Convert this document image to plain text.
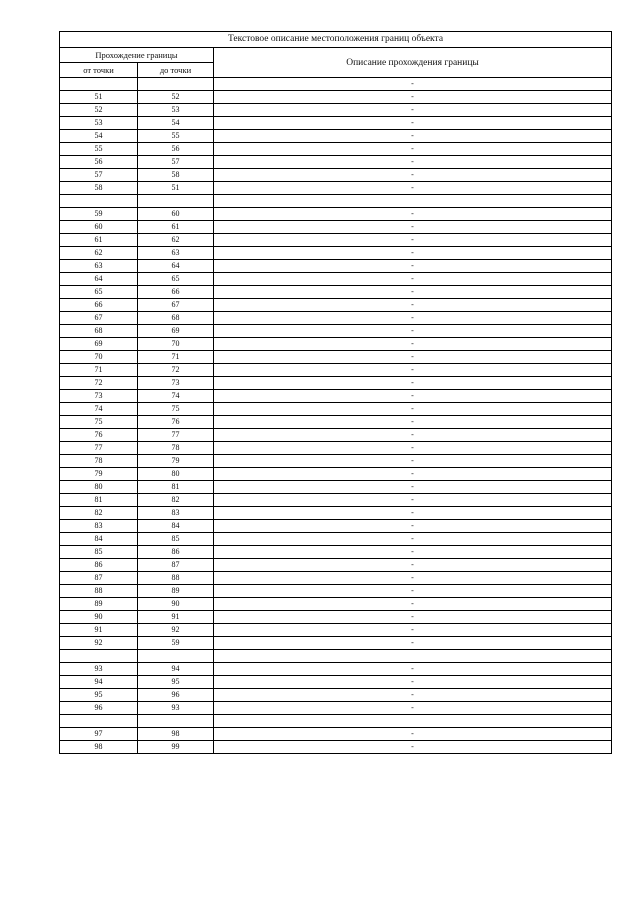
Текстовое описание местоположения границ объекта		
Прохождение границы		Описание прохождения границы
от точки	до точки	
		-
51	52	-
52	53	-
53	54	-
54	55	-
55	56	-
56	57	-
57	58	-
58	51	-

59	60	-
60	61	-
61	62	-
62	63	-
63	64	-
64	65	-
65	66	-
66	67	-
67	68	-
68	69	-
69	70	-
70	71	-
71	72	-
72	73	-
73	74	-
74	75	-
75	76	-
76	77	-
77	78	-
78	79	-
79	80	-
80	81	-
81	82	-
82	83	-
83	84	-
84	85	-
85	86	-
86	87	-
87	88	-
88	89	-
89	90	-
90	91	-
91	92	-
92	59	-

93	94	-
94	95	-
95	96	-
96	93	-

97	98	-
98	99	-
